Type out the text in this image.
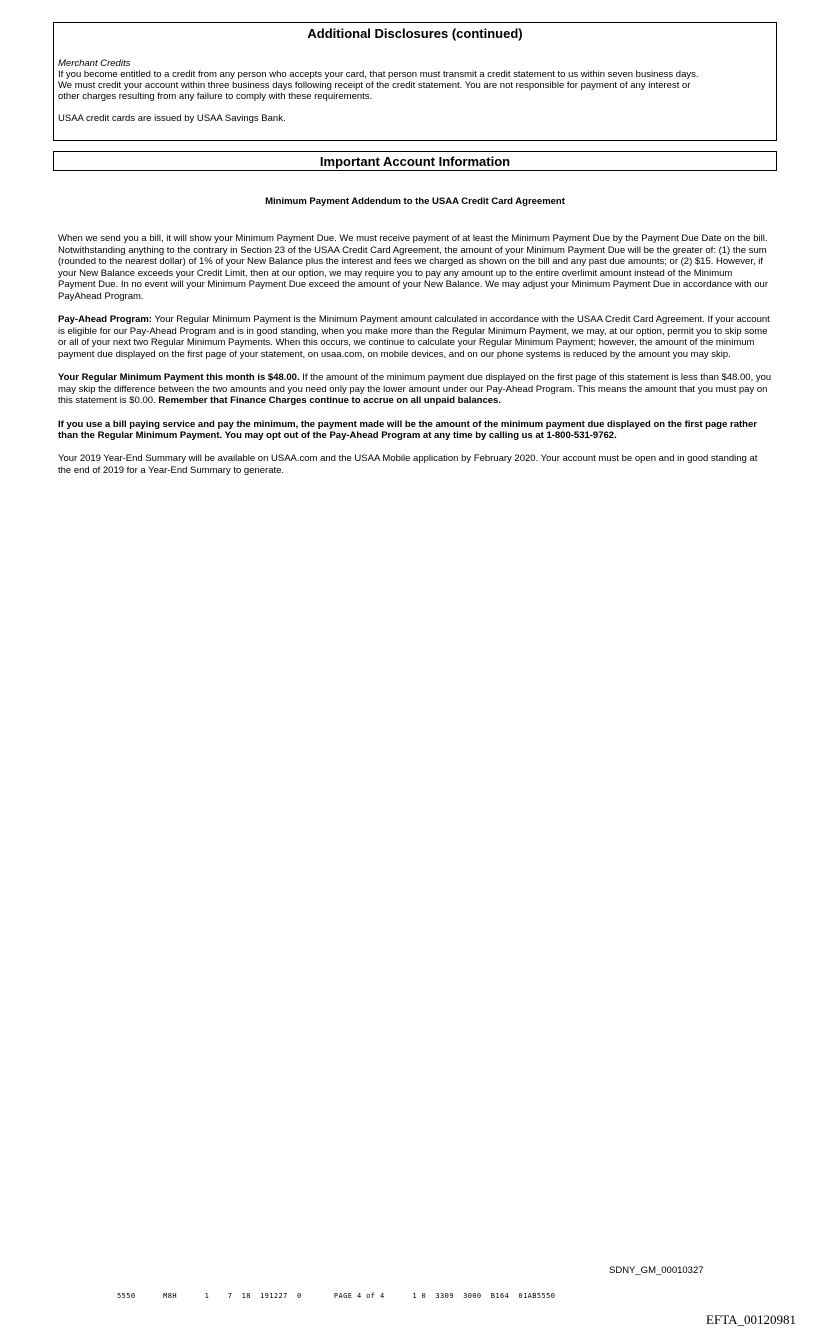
Additional Disclosures (continued)
Merchant Credits
If you become entitled to a credit from any person who accepts your card, that person must transmit a credit statement to us within seven business days.
We must credit your account within three business days following receipt of the credit statement. You are not responsible for payment of any interest or
other charges resulting from any failure to comply with these requirements.
USAA credit cards are issued by USAA Savings Bank.
Important Account Information
Minimum Payment Addendum to the USAA Credit Card Agreement

When we send you a bill, it will show your Minimum Payment Due. We must receive payment of at least the Minimum Payment Due by the Payment Due Date on the bill. Notwithstanding anything to the contrary in Section 23 of the USAA Credit Card Agreement, the amount of your Minimum Payment Due will be the greater of: (1) the sum (rounded to the nearest dollar) of 1% of your New Balance plus the interest and fees we charged as shown on the bill and any past due amounts; or (2) $15. However, if your New Balance exceeds your Credit Limit, then at our option, we may require you to pay any amount up to the entire overlimit amount instead of the Minimum Payment Due. In no event will your Minimum Payment Due exceed the amount of your New Balance. We may adjust your Minimum Payment Due in accordance with our PayAhead Program.

Pay-Ahead Program: Your Regular Minimum Payment is the Minimum Payment amount calculated in accordance with the USAA Credit Card Agreement. If your account is eligible for our Pay-Ahead Program and is in good standing, when you make more than the Regular Minimum Payment, we may, at our option, permit you to skip some or all of your next two Regular Minimum Payments. When this occurs, we continue to calculate your Regular Minimum Payment; however, the amount of the minimum payment due displayed on the first page of your statement, on usaa.com, on mobile devices, and on our phone systems is reduced by the amount you may skip.

Your Regular Minimum Payment this month is $48.00. If the amount of the minimum payment due displayed on the first page of this statement is less than $48.00, you may skip the difference between the two amounts and you need only pay the lower amount under our Pay-Ahead Program. This means the amount that you must pay on this statement is $0.00. Remember that Finance Charges continue to accrue on all unpaid balances.

If you use a bill paying service and pay the minimum, the payment made will be the amount of the minimum payment due displayed on the first page rather than the Regular Minimum Payment. You may opt out of the Pay-Ahead Program at any time by calling us at 1-800-531-9762.

Your 2019 Year-End Summary will be available on USAA.com and the USAA Mobile application by February 2020. Your account must be open and in good standing at the end of 2019 for a Year-End Summary to generate.

SDNY_GM_00010327
5550      M8H      1    7  18  191227  0       PAGE 4 of 4      1 0  3309  3000  B164  01AB5550
EFTA_00120981
